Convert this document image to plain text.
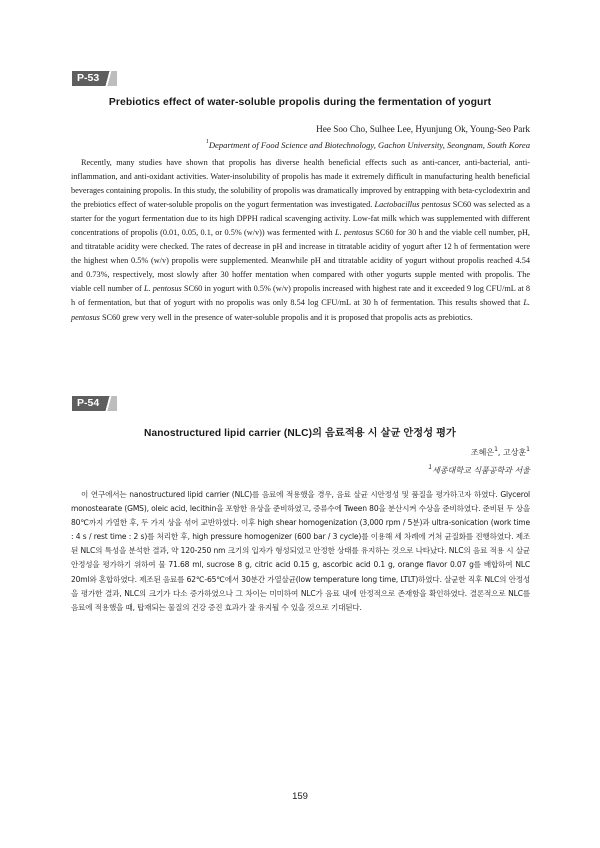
P-53
Prebiotics effect of water-soluble propolis during the fermentation of yogurt
Hee Soo Cho, Sulhee Lee, Hyunjung Ok, Young-Seo Park
$^1$Department of Food Science and Biotechnology, Gachon University, Seongnam, South Korea

Recently, many studies have shown that propolis has diverse health beneficial effects such as anti-cancer, anti-bacterial, anti-inflammation, and anti-oxidant activities. Water-insolubility of propolis has made it extremely difficult in manufacturing health beneficial beverages containing propolis. In this study, the solubility of propolis was dramatically improved by entrapping with beta-cyclodextrin and the prebiotics effect of water-soluble propolis on the yogurt fermentation was investigated. Lactobacillus pentosus SC60 was selected as a starter for the yogurt fermentation due to its high DPPH radical scavenging activity. Low-fat milk which was supplemented with different concentrations of propolis (0.01, 0.05, 0.1, or 0.5% (w/v)) was fermented with L. pentosus SC60 for 30 h and the viable cell number, pH, and titratable acidity were checked. The rates of decrease in pH and increase in titratable acidity of yogurt after 12 h of fermentation were the highest when 0.5% (w/v) propolis were supplemented. Meanwhile pH and titratable acidity of yogurt without propolis reached 4.54 and 0.73%, respectively, most slowly after 30 hoffer mentation when compared with other yogurts supple mented with propolis. The viable cell number of L. pentosus SC60 in yogurt with 0.5% (w/v) propolis increased with highest rate and it exceeded 9 log CFU/mL at 8 h of fermentation, but that of yogurt with no propolis was only 8.54 log CFU/mL at 30 h of fermentation. This results showed that L. pentosus SC60 grew very well in the presence of water-soluble propolis and it is proposed that propolis acts as prebiotics.

P-54
Nanostructured lipid carrier (NLC)의 음료적용 시 살균 안정성 평가
조혜은$^1$, 고상훈$^1$
$^1$세종대학교 식품공학과 서울

이 연구에서는 nanostructured lipid carrier (NLC)를 음료에 적용했을 경우, 음료 살균 시안정성 및 품질을 평가하고자 하였다. Glycerol monostearate (GMS), oleic acid, lecithin을 포함한 유상을 준비하였고, 증류수에 Tween 80을 분산시켜 수상을 준비하였다. 준비된 두 상을 80℃까지 가열한 후, 두 가지 상을 섞어 교반하였다. 이후 high shear homogenization (3,000 rpm / 5분)과 ultra-sonication (work time : 4 s / rest time : 2 s)를 처리한 후, high pressure homogenizer (600 bar / 3 cycle)를 이용해 세 차례에 거쳐 균질화를 진행하였다. 제조된 NLC의 특성을 분석한 결과, 약 120-250 nm 크기의 입자가 형성되었고 안정한 상태를 유지하는 것으로 나타났다. NLC의 음료 적용 시 살균 안정성을 평가하기 위하여 물 71.68 ml, sucrose 8 g, citric acid 0.15 g, ascorbic acid 0.1 g, orange flavor 0.07 g를 배합하여 NLC 20ml와 혼합하였다. 제조된 음료를 62℃-65℃에서 30분간 가열살균(low temperature long time, LTLT)하였다. 살균한 직후 NLC의 안정성을 평가한 결과, NLC의 크기가 다소 증가하였으나 그 차이는 미미하여 NLC가 음료 내에 안정적으로 존재함을 확인하였다. 결론적으로 NLC를 음료에 적용했을 때, 탑재되는 물질의 건강 증진 효과가 잘 유지될 수 있을 것으로 기대된다.

159
